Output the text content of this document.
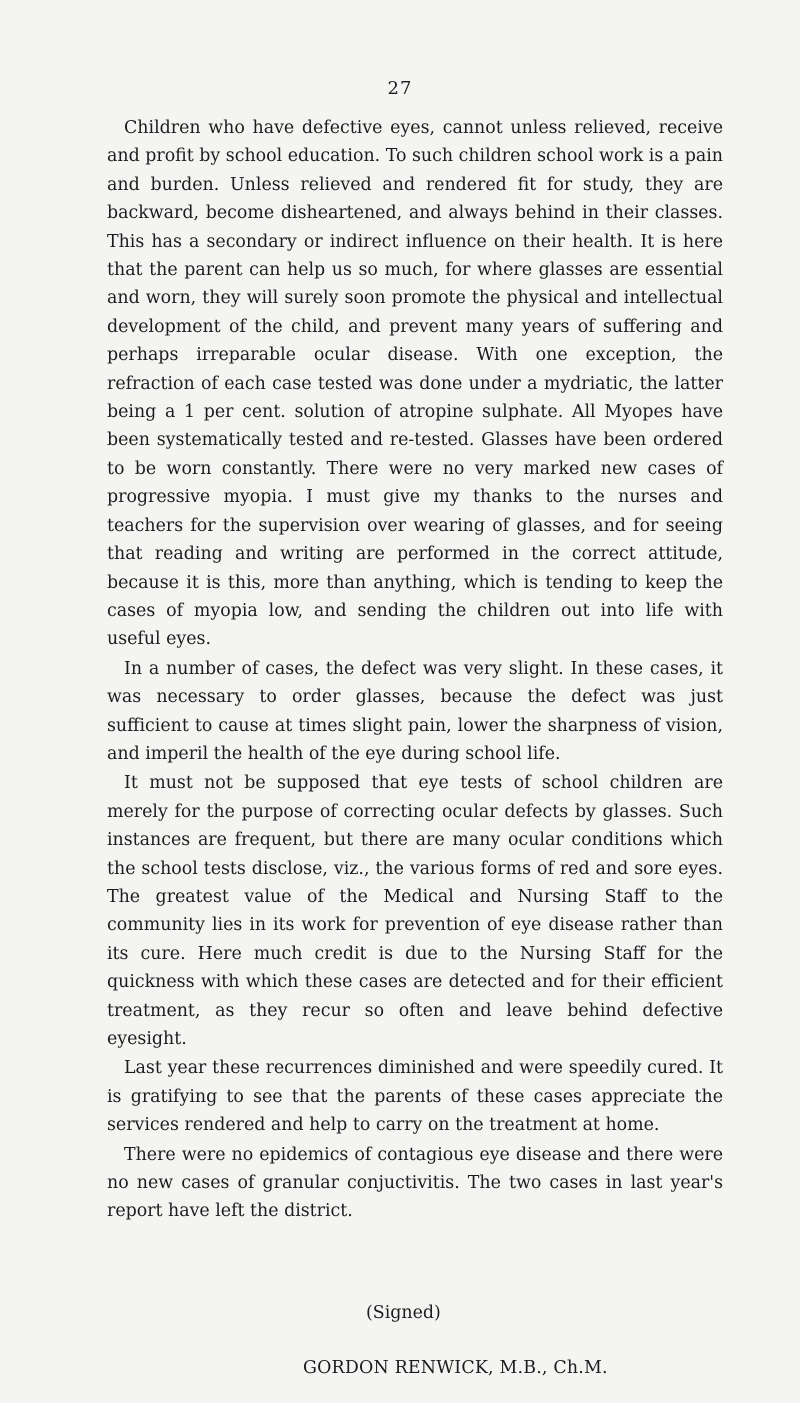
27

Children who have defective eyes, cannot unless relieved, receive and profit by school education. To such children school work is a pain and burden. Unless relieved and rendered fit for study, they are backward, become disheartened, and always behind in their classes. This has a secondary or indirect influence on their health. It is here that the parent can help us so much, for where glasses are essential and worn, they will surely soon promote the physical and intellectual development of the child, and prevent many years of suffering and perhaps irreparable ocular disease. With one exception, the refraction of each case tested was done under a mydriatic, the latter being a 1 per cent. solution of atropine sulphate. All Myopes have been systematically tested and re-tested. Glasses have been ordered to be worn constantly. There were no very marked new cases of progressive myopia. I must give my thanks to the nurses and teachers for the supervision over wearing of glasses, and for seeing that reading and writing are performed in the correct attitude, because it is this, more than anything, which is tending to keep the cases of myopia low, and sending the children out into life with useful eyes.

In a number of cases, the defect was very slight. In these cases, it was necessary to order glasses, because the defect was just sufficient to cause at times slight pain, lower the sharpness of vision, and imperil the health of the eye during school life.

It must not be supposed that eye tests of school children are merely for the purpose of correcting ocular defects by glasses. Such instances are frequent, but there are many ocular conditions which the school tests disclose, viz., the various forms of red and sore eyes. The greatest value of the Medical and Nursing Staff to the community lies in its work for prevention of eye disease rather than its cure. Here much credit is due to the Nursing Staff for the quickness with which these cases are detected and for their efficient treatment, as they recur so often and leave behind defective eyesight.

Last year these recurrences diminished and were speedily cured. It is gratifying to see that the parents of these cases appreciate the services rendered and help to carry on the treatment at home.

There were no epidemics of contagious eye disease and there were no new cases of granular conjuctivitis. The two cases in last year's report have left the district.

(Signed)
GORDON RENWICK, M.B., Ch.M.
